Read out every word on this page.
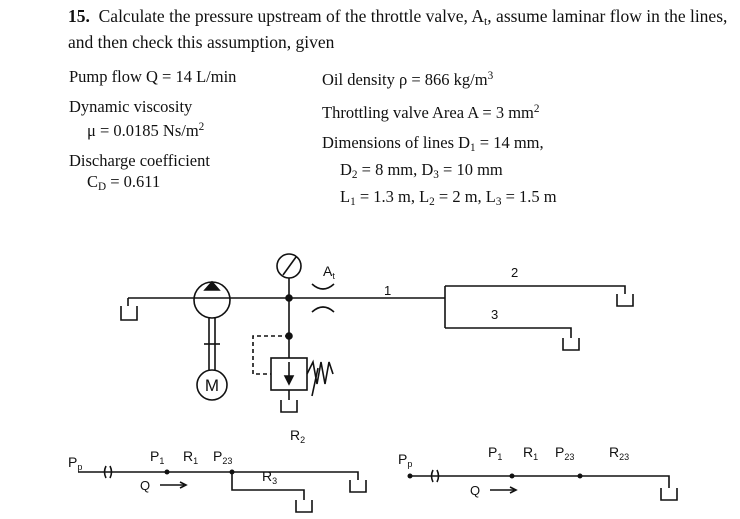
15. Calculate the pressure upstream of the throttle valve, $A_t$, assume laminar flow in the lines, and then check this assumption, given
Pump flow Q = 14 L/min
Dynamic viscosity
μ = 0.0185 $Ns/m^2$
Discharge coefficient
$C_D = 0.611$
Oil density ρ = 866 $kg/m^3$
Throttling valve Area A = 3 $mm^2$
Dimensions of lines $D_1 = 14$ mm,
$D_2 = 8$ mm, $D_3 = 10$ mm
$L_1 = 1.3$ m, $L_2 = 2$ m, $L_3 = 1.5$ m
M
$A_t$
1
2
3
$R_2$
$R_3$
$P_p$
$P_1$ $R_1$ $P_{23}$
Q
$P_p$
$P_1$ $R_1$ $P_{23}$ $R_{23}$
Q
